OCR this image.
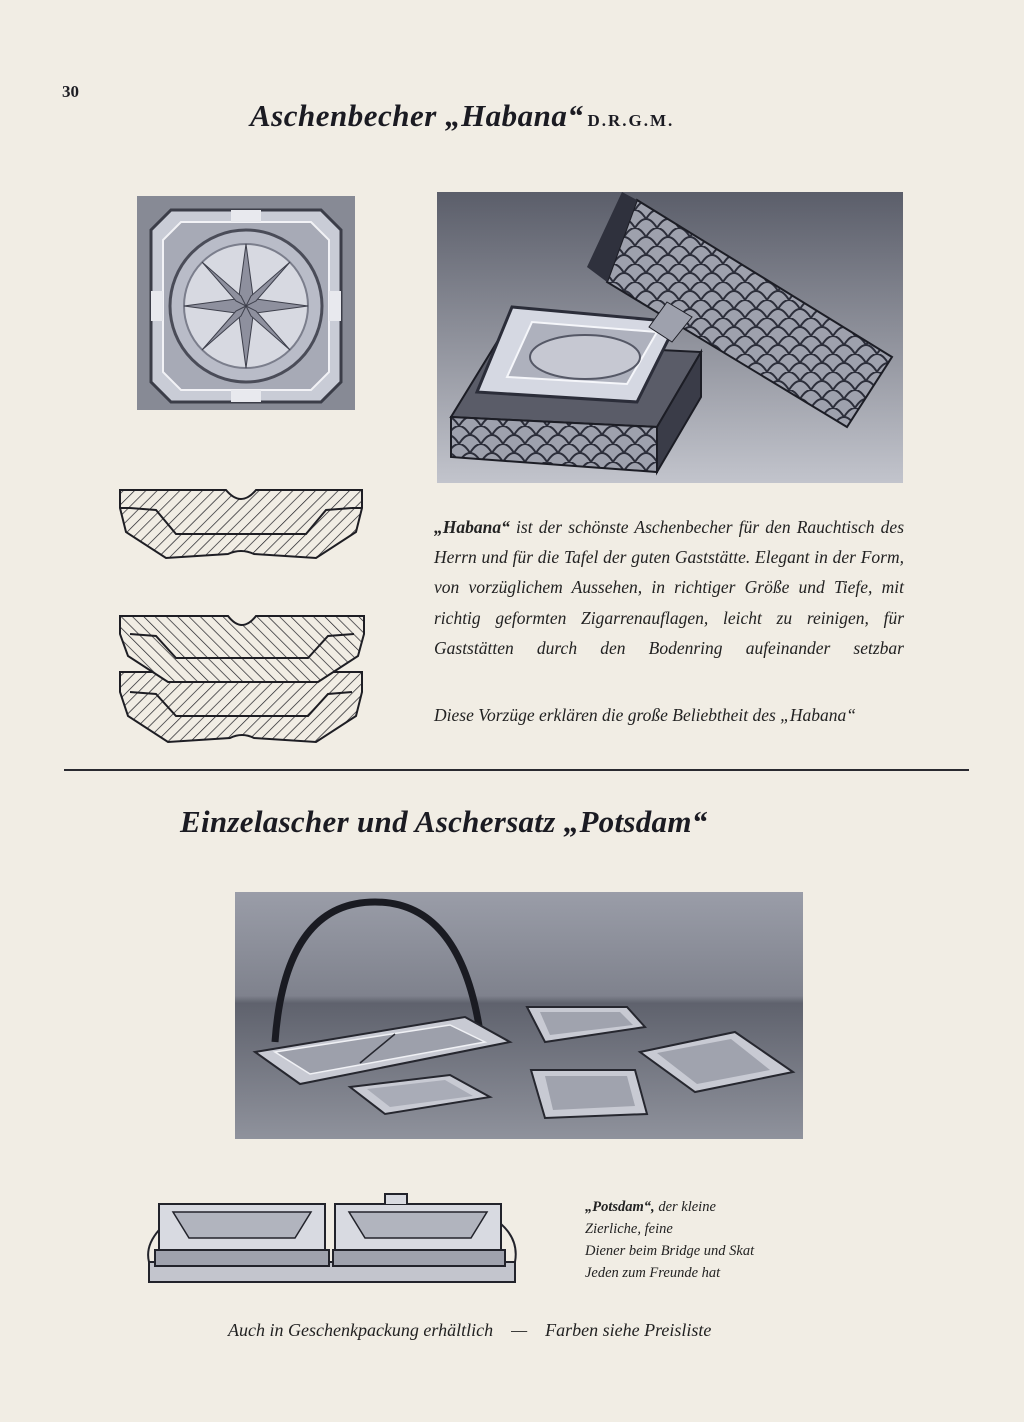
30
Aschenbecher „Habana“ D.R.G.M.

„Habana“ ist der schönste Aschenbecher für den Rauchtisch des Herrn und für die Tafel der guten Gaststätte. Elegant in der Form, von vorzüglichem Aussehen, in richtiger Größe und Tiefe, mit richtig geformten Zigarrenauflagen, leicht zu reinigen, für Gaststätten durch den Bodenring aufeinander setzbar

Diese Vorzüge erklären die große Beliebtheit des „Habana“
Einzelascher und Aschersatz „Potsdam“
„Potsdam“, der kleine
Zierliche, feine
Diener beim Bridge und Skat
Jeden zum Freunde hat
Auch in Geschenkpackung erhältlich — Farben siehe Preisliste
